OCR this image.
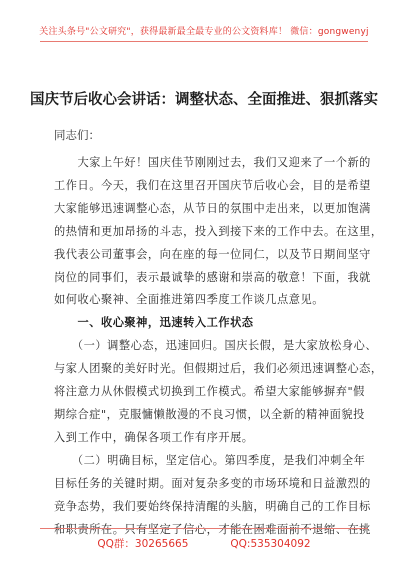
关注头条号"公文研究"，获得最新最全最专业的公文资料库！ 微信：gongwenyj
国庆节后收心会讲话：调整状态、全面推进、狠抓落实
同志们：
　　大家上午好！国庆佳节刚刚过去，我们又迎来了一个新的
工作日。今天，我们在这里召开国庆节后收心会，目的是希望
大家能够迅速调整心态，从节日的氛围中走出来，以更加饱满
的热情和更加昂扬的斗志，投入到接下来的工作中去。在这里，
我代表公司董事会，向在座的每一位同仁，以及节日期间坚守
岗位的同事们，表示最诚挚的感谢和崇高的敬意！下面，我就
如何收心聚神、全面推进第四季度工作谈几点意见。
　　一、收心聚神，迅速转入工作状态
　　（一）调整心态，迅速回归。国庆长假，是大家放松身心、
与家人团聚的美好时光。但假期过后，我们必须迅速调整心态，
将注意力从休假模式切换到工作模式。希望大家能够摒弃"假
期综合症"，克服慵懒散漫的不良习惯，以全新的精神面貌投
入到工作中，确保各项工作有序开展。
　　（二）明确目标，坚定信心。第四季度，是我们冲刺全年
目标任务的关键时期。面对复杂多变的市场环境和日益激烈的
竞争态势，我们要始终保持清醒的头脑，明确自己的工作目标
和职责所在。只有坚定了信心，才能在困难面前不退缩、在挑
QQ群：30265665	QQ:535304092
